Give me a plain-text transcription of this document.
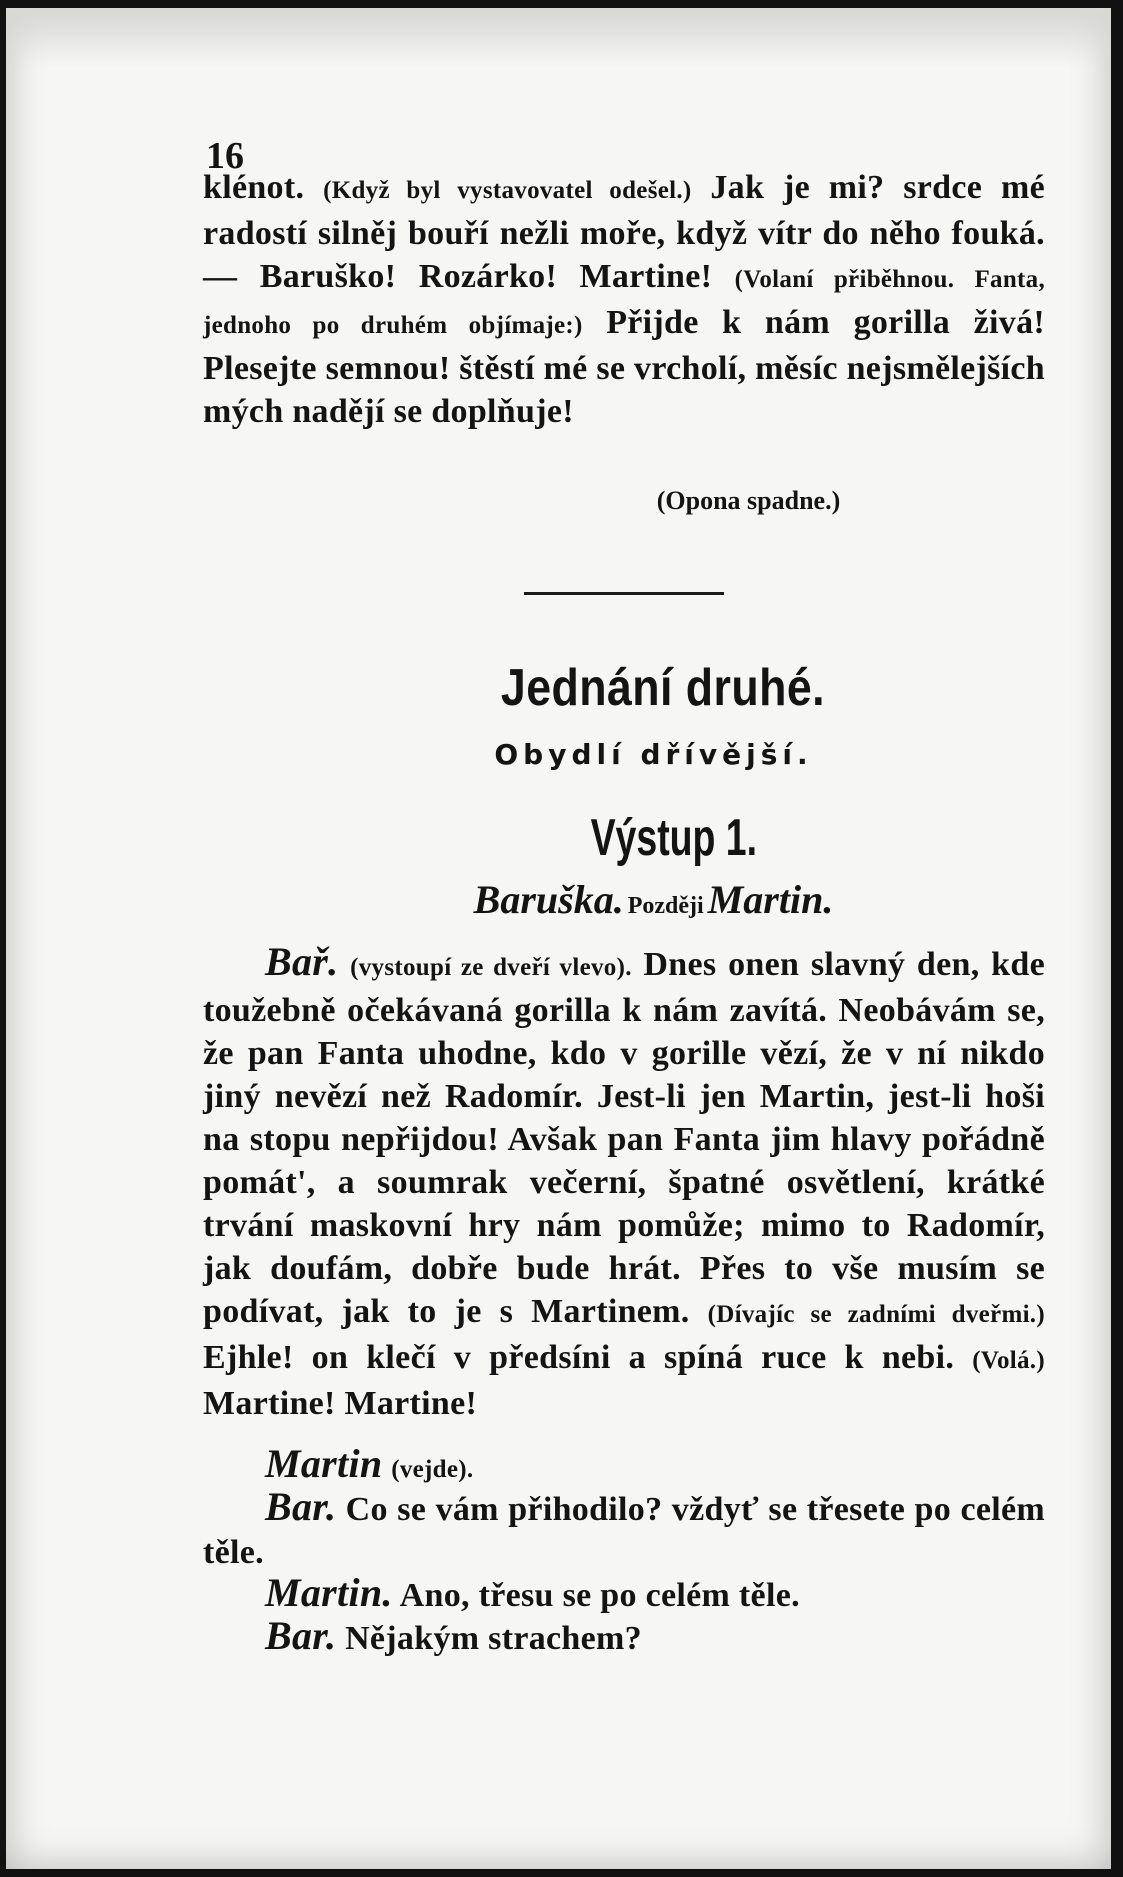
16
klénot. (Když byl vystavovatel odešel.) Jak je mi? srdce mé radostí silněj bouří nežli moře, když vítr do něho fouká. — Baruško! Rozárko! Martine! (Volaní přiběhnou. Fanta, jednoho po druhém objímaje:) Přijde k nám gorilla živá! Plesejte semnou! štěstí mé se vrcholí, měsíc nejsmělejších mých nadějí se doplňuje!
(Opona spadne.)
Jednání druhé.
Obydlí dřívější.
Výstup 1.
Baruška. Později Martin.
Bař. (vystoupí ze dveří vlevo). Dnes onen slavný den, kde toužebně očekávaná gorilla k nám zavítá. Neobávám se, že pan Fanta uhodne, kdo v gorille vězí, že v ní nikdo jiný nevězí než Radomír. Jest-li jen Martin, jest-li hoši na stopu nepřijdou! Avšak pan Fanta jim hlavy pořádně pomát', a soumrak večerní, špatné osvětlení, krátké trvání maskovní hry nám pomůže; mimo to Radomír, jak doufám, dobře bude hrát. Přes to vše musím se podívat, jak to je s Martinem. (Dívajíc se zadními dveřmi.) Ejhle! on klečí v předsíni a spíná ruce k nebi. (Volá.) Martine! Martine!
Martin (vejde).
Bar. Co se vám přihodilo? vždyť se třesete po celém těle.
Martin. Ano, třesu se po celém těle.
Bar. Nějakým strachem?
